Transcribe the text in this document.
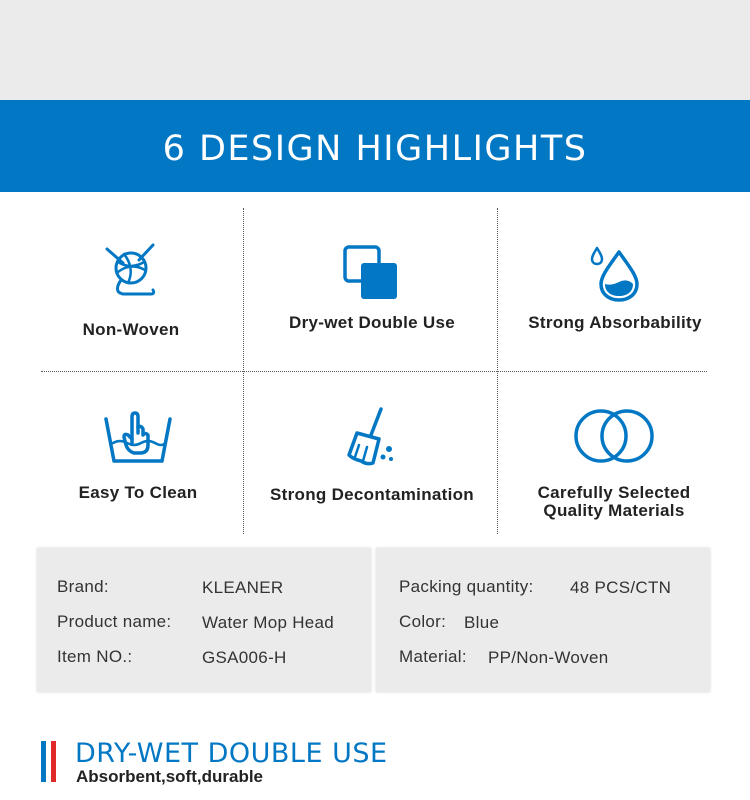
6 DESIGN HIGHLIGHTS
Non-Woven	Dry-wet Double Use	Strong Absorbability
Easy To Clean	Strong Decontamination	Carefully Selected
Quality Materials
Brand:	KLEANER
Product name: Water Mop Head
Item NO.:	GSA006-H
Packing quantity: 48 PCS/CTN
Color: Blue
Material: PP/Non-Woven
DRY-WET DOUBLE USE
Absorbent,soft,durable
